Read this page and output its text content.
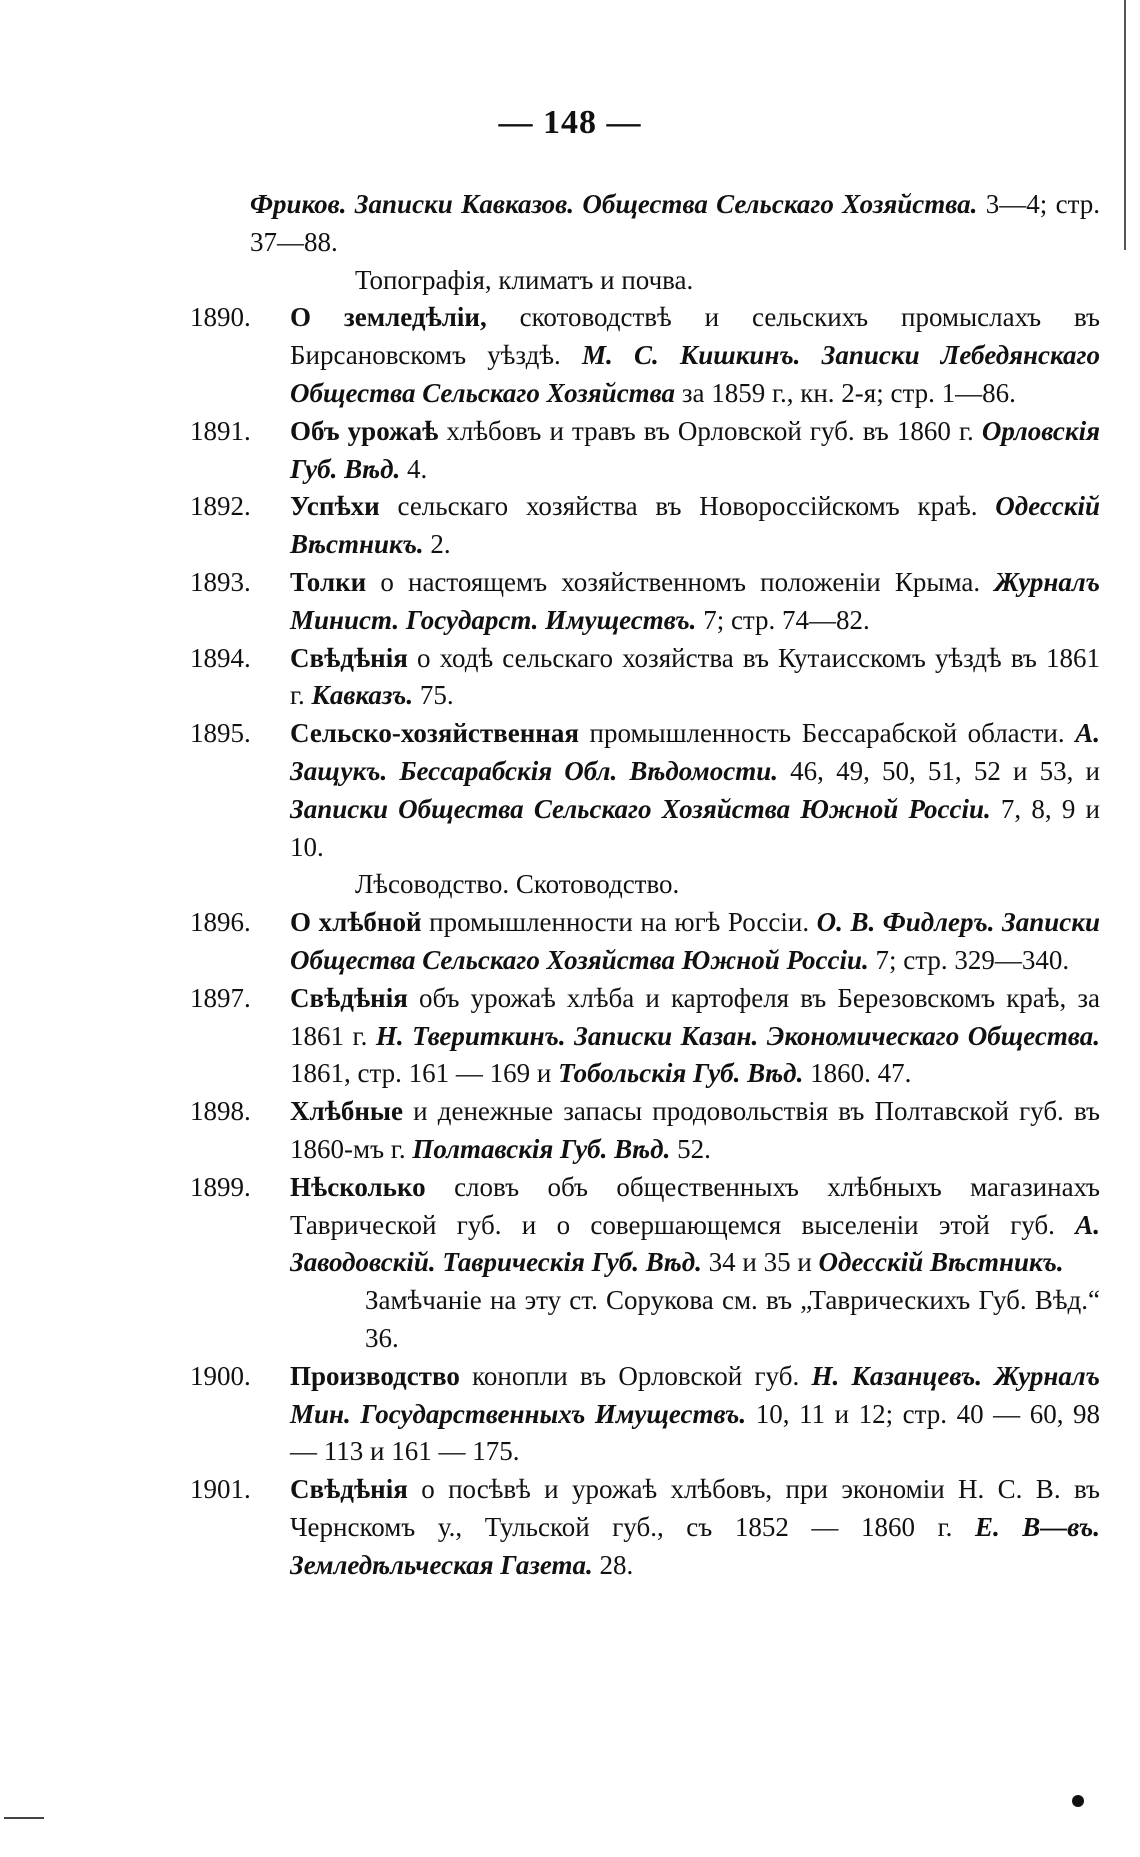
— 148 —
Фриков. Записки Кавказов. Общества Сельскаго Хозяйства. 3—4; стр. 37—88.
Топографія, климатъ и почва.
1890. О земледѣліи, скотоводствѣ и сельскихъ промыслахъ въ Бирсановскомъ уѣздѣ. М. С. Кишкинъ. Записки Лебедянскаго Общества Сельскаго Хозяйства за 1859 г., кн. 2-я; стр. 1—86.
1891. Объ урожаѣ хлѣбовъ и травъ въ Орловской губ. въ 1860 г. Орловскія Губ. Вѣд. 4.
1892. Успѣхи сельскаго хозяйства въ Новороссійскомъ краѣ. Одесскій Вѣстникъ. 2.
1893. Толки о настоящемъ хозяйственномъ положеніи Крыма. Журналъ Минист. Государст. Имуществъ. 7; стр. 74—82.
1894. Свѣдѣнія о ходѣ сельскаго хозяйства въ Кутаисскомъ уѣздѣ въ 1861 г. Кавказъ. 75.
1895. Сельско-хозяйственная промышленность Бессарабской области. А. Защукъ. Бессарабскія Обл. Вѣдомости. 46, 49, 50, 51, 52 и 53, и Записки Общества Сельскаго Хозяйства Южной Россіи. 7, 8, 9 и 10.
Лѣсоводство. Скотоводство.
1896. О хлѣбной промышленности на югѣ Россіи. О. В. Фидлеръ. Записки Общества Сельскаго Хозяйства Южной Россіи. 7; стр. 329—340.
1897. Свѣдѣнія объ урожаѣ хлѣба и картофеля въ Березовскомъ краѣ, за 1861 г. Н. Твериткинъ. Записки Казан. Экономическаго Общества. 1861, стр. 161 — 169 и Тобольскія Губ. Вѣд. 1860. 47.
1898. Хлѣбные и денежные запасы продовольствія въ Полтавской губ. въ 1860-мъ г. Полтавскія Губ. Вѣд. 52.
1899. Нѣсколько словъ объ общественныхъ хлѣбныхъ магазинахъ Таврической губ. и о совершающемся выселеніи этой губ. А. Заводовскій. Таврическія Губ. Вѣд. 34 и 35 и Одесскій Вѣстникъ.
Замѣчаніе на эту ст. Сорукова см. въ „Таврическихъ Губ. Вѣд.“ 36.
1900. Производство конопли въ Орловской губ. Н. Казанцевъ. Журналъ Мин. Государственныхъ Имуществъ. 10, 11 и 12; стр. 40 — 60, 98 — 113 и 161 — 175.
1901. Свѣдѣнія о посѣвѣ и урожаѣ хлѣбовъ, при экономіи Н. С. В. въ Чернскомъ у., Тульской губ., съ 1852 — 1860 г. Е. В—въ. Земледѣльческая Газета. 28.
